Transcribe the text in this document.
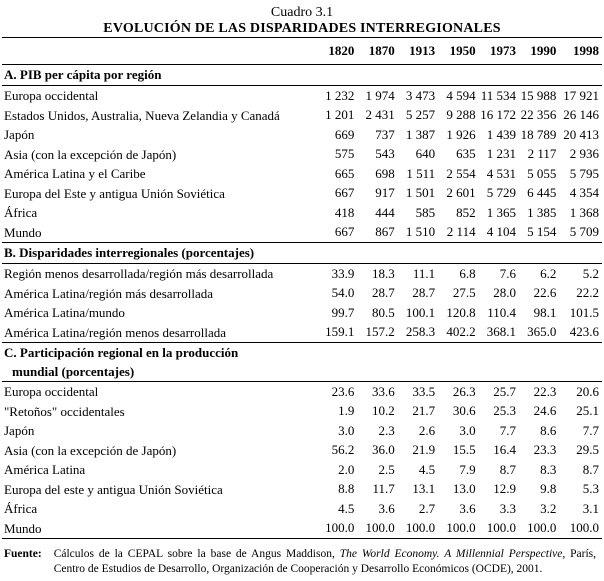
Cuadro 3.1
EVOLUCIÓN DE LAS DISPARIDADES INTERREGIONALES
	1820	1870	1913	1950	1973	1990	1998
A. PIB per cápita por región							
Europa occidental	1 232	1 974	3 473	4 594	11 534	15 988	17 921
Estados Unidos, Australia, Nueva Zelandia y Canadá	1 201	2 431	5 257	9 288	16 172	22 356	26 146
Japón	669	737	1 387	1 926	1 439	18 789	20 413
Asia (con la excepción de Japón)	575	543	640	635	1 231	2 117	2 936
América Latina y el Caribe	665	698	1 511	2 554	4 531	5 055	5 795
Europa del Este y antigua Unión Soviética	667	917	1 501	2 601	5 729	6 445	4 354
África	418	444	585	852	1 365	1 385	1 368
Mundo	667	867	1 510	2 114	4 104	5 154	5 709
B. Disparidades interregionales (porcentajes)							
Región menos desarrollada/región más desarrollada	33.9	18.3	11.1	6.8	7.6	6.2	5.2
América Latina/región más desarrollada	54.0	28.7	28.7	27.5	28.0	22.6	22.2
América Latina/mundo	99.7	80.5	100.1	120.8	110.4	98.1	101.5
América Latina/región menos desarrollada	159.1	157.2	258.3	402.2	368.1	365.0	423.6
C. Participación regional en la producción							
mundial (porcentajes)							
Europa occidental	23.6	33.6	33.5	26.3	25.7	22.3	20.6
"Retoños" occidentales	1.9	10.2	21.7	30.6	25.3	24.6	25.1
Japón	3.0	2.3	2.6	3.0	7.7	8.6	7.7
Asia (con la excepción de Japón)	56.2	36.0	21.9	15.5	16.4	23.3	29.5
América Latina	2.0	2.5	4.5	7.9	8.7	8.3	8.7
Europa del este y antigua Unión Soviética	8.8	11.7	13.1	13.0	12.9	9.8	5.3
África	4.5	3.6	2.7	3.6	3.3	3.2	3.1
Mundo	100.0	100.0	100.0	100.0	100.0	100.0	100.0
Fuente: Cálculos de la CEPAL sobre la base de Angus Maddison, The World Economy. A Millennial Perspective, París, Centro de Estudios de Desarrollo, Organización de Cooperación y Desarrollo Económicos (OCDE), 2001.
